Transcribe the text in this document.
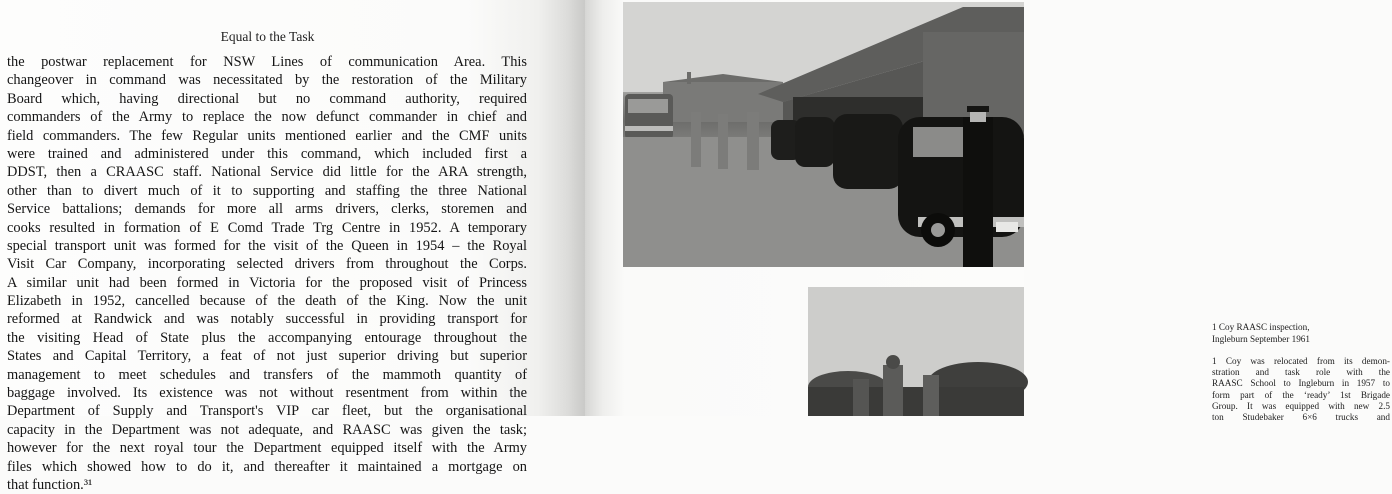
Equal to the Task
the postwar replacement for NSW Lines of communication Area. This
changeover in command was necessitated by the restoration of the Military
Board which, having directional but no command authority, required
commanders of the Army to replace the now defunct commander in chief and
field commanders. The few Regular units mentioned earlier and the CMF units
were trained and administered under this command, which included first a
DDST, then a CRAASC staff. National Service did little for the ARA strength,
other than to divert much of it to supporting and staffing the three National
Service battalions; demands for more all arms drivers, clerks, storemen and
cooks resulted in formation of E Comd Trade Trg Centre in 1952. A temporary
special transport unit was formed for the visit of the Queen in 1954 – the Royal
Visit Car Company, incorporating selected drivers from throughout the Corps.
A similar unit had been formed in Victoria for the proposed visit of Princess
Elizabeth in 1952, cancelled because of the death of the King. Now the unit
reformed at Randwick and was notably successful in providing transport for
the visiting Head of State plus the accompanying entourage throughout the
States and Capital Territory, a feat of not just superior driving but superior
management to meet schedules and transfers of the mammoth quantity of
baggage involved. Its existence was not without resentment from within the
Department of Supply and Transport's VIP car fleet, but the organisational
capacity in the Department was not adequate, and RAASC was given the task;
however for the next royal tour the Department equipped itself with the Army
files which showed how to do it, and thereafter it maintained a mortgage on
that function.³¹
1 Coy RAASC inspection,
Ingleburn September 1961
1 Coy was relocated from its demon-
stration and task role with the
RAASC School to Ingleburn in 1957 to
form part of the ‘ready’ 1st Brigade
Group. It was equipped with new 2.5
ton Studebaker 6×6 trucks and
